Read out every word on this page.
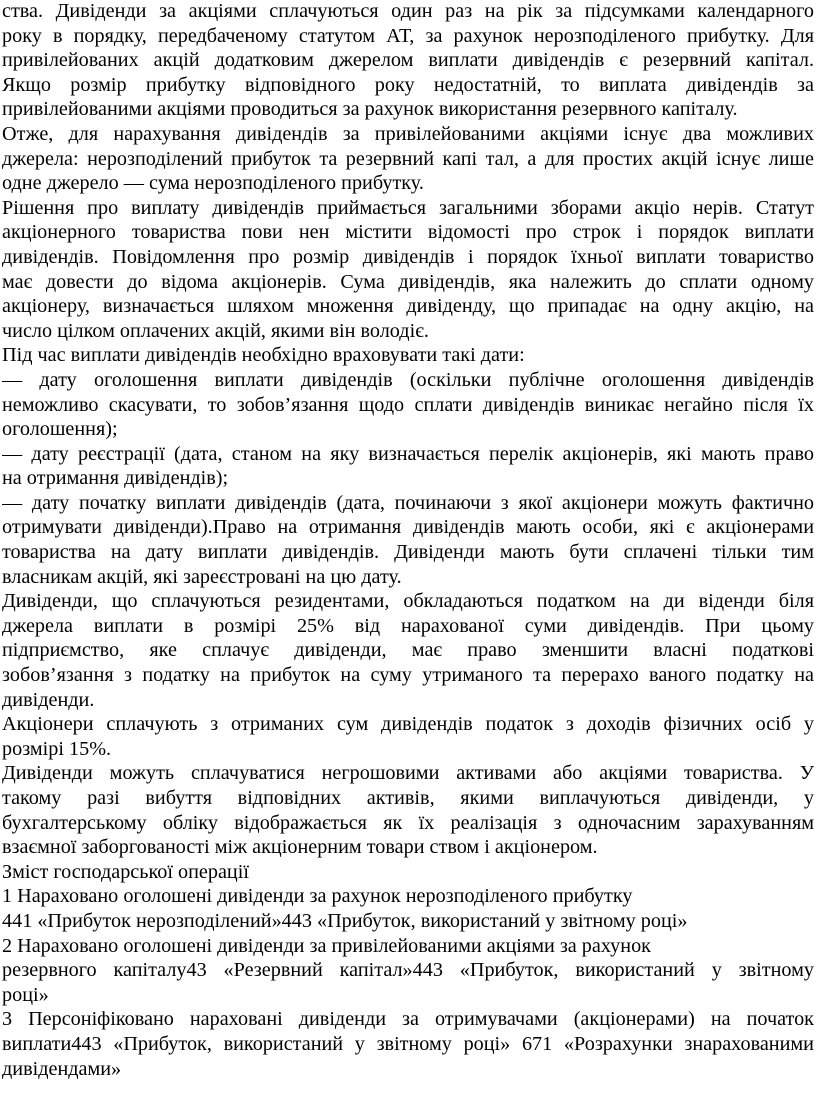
ства. Дивіденди за акціями сплачуються один раз на рік за підсумками календарного
року в порядку, передбаченому статутом АТ, за рахунок нерозподіленого прибутку. Для
привілейованих акцій додатковим джерелом виплати дивідендів є резервний капітал.
Якщо розмір прибутку відповідного року недостатній, то виплата дивідендів за
привілейованими акціями проводиться за рахунок використання резервного капіталу.
Отже, для нарахування дивідендів за привілейованими акціями існує два можливих
джерела: нерозподілений прибуток та резервний капі тал, а для простих акцій існує лише
одне джерело — сума нерозподіленого прибутку.
Рішення про виплату дивідендів приймається загальними зборами акціо нерів. Статут
акціонерного товариства пови нен містити відомості про строк і порядок виплати
дивідендів. Повідомлення про розмір дивідендів і порядок їхньої виплати товариство
має довести до відома акціонерів. Сума дивідендів, яка належить до сплати одному
акціонеру, визначається шляхом множення дивіденду, що припадає на одну акцію, на
число цілком оплачених акцій, якими він володіє.
Під час виплати дивідендів необхідно враховувати такі дати:
— дату оголошення виплати дивідендів (оскільки публічне оголошення дивідендів
неможливо скасувати, то зобов’язання щодо сплати дивідендів виникає негайно після їх
оголошення);
— дату реєстрації (дата, станом на яку визначається перелік акціонерів, які мають право
на отримання дивідендів);
— дату початку виплати дивідендів (дата, починаючи з якої акціонери можуть фактично
отримувати дивіденди).Право на отримання дивідендів мають особи, які є акціонерами
товариства на дату виплати дивідендів. Дивіденди мають бути сплачені тільки тим
власникам акцій, які зареєстровані на цю дату.
Дивіденди, що сплачуються резидентами, обкладаються податком на ди віденди біля
джерела виплати в розмірі 25% від нарахованої суми дивідендів. При цьому
підприємство, яке сплачує дивіденди, має право зменшити власні податкові
зобов’язання з податку на прибуток на суму утриманого та перерахо ваного податку на
дивіденди.
Акціонери сплачують з отриманих сум дивідендів податок з доходів фізичних осіб у
розмірі 15%.
Дивіденди можуть сплачуватися негрошовими активами або акціями товариства. У
такому разі вибуття відповідних активів, якими виплачуються дивіденди, у
бухгалтерському обліку відображається як їх реалізація з одночасним зарахуванням
взаємної заборгованості між акціонерним товари ством і акціонером.
Зміст господарської операції
1 Нараховано оголошені дивіденди за рахунок нерозподіленого прибутку
441 «Прибуток нерозподілений»443 «Прибуток, використаний у звітному році»
2 Нараховано оголошені дивіденди за привілейованими акціями за рахунок
резервного капіталу43 «Резервний капітал»443 «Прибуток, використаний у звітному
році»
3 Персоніфіковано нараховані дивіденди за отримувачами (акціонерами) на початок
виплати443 «Прибуток, використаний у звітному році» 671 «Розрахунки знарахованими
дивідендами»
